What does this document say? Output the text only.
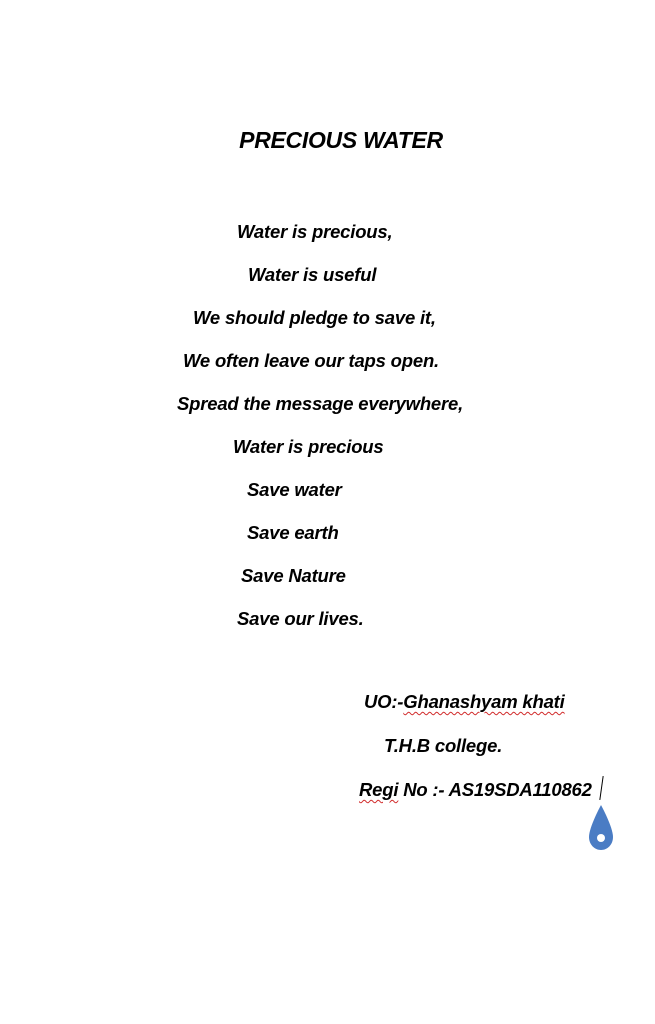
PRECIOUS WATER
Water is precious,
Water is useful
We should pledge to save it,
We often leave our taps open.
Spread the message everywhere,
Water is precious
Save water
Save earth
Save Nature
Save our lives.
UO:-Ghanashyam khati
T.H.B college.
Regi No :- AS19SDA110862
